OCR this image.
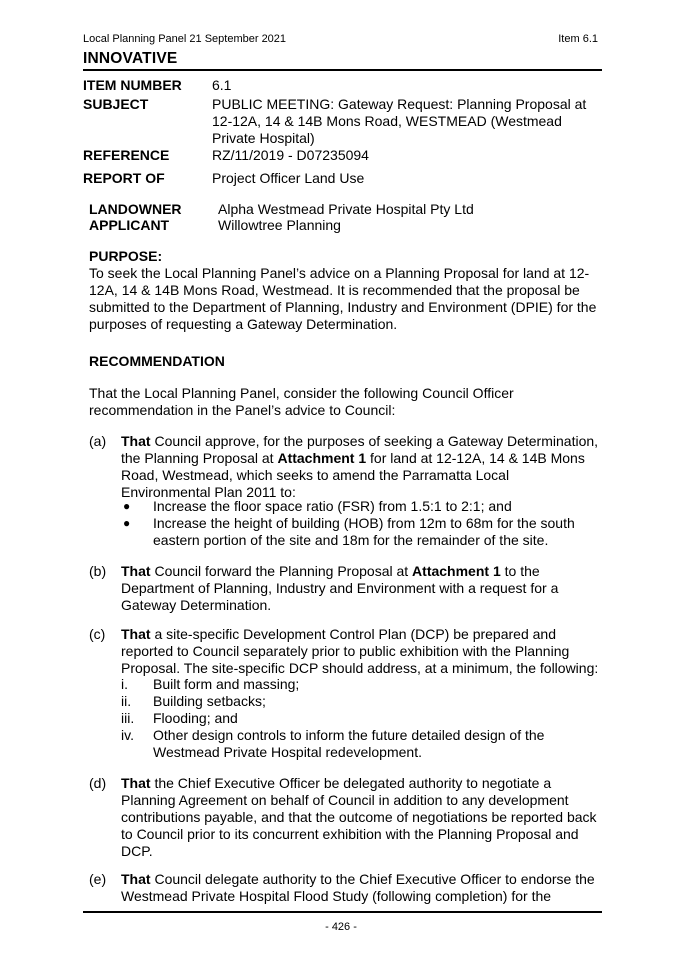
Local Planning Panel 21 September 2021	Item 6.1
INNOVATIVE
ITEM NUMBER 6.1
SUBJECT	PUBLIC MEETING: Gateway Request: Planning Proposal at
12-12A, 14 & 14B Mons Road, WESTMEAD (Westmead
Private Hospital)
REFERENCE	RZ/11/2019 - D07235094
REPORT OF	Project Officer Land Use
LANDOWNER	Alpha Westmead Private Hospital Pty Ltd
APPLICANT	Willowtree Planning
PURPOSE:
To seek the Local Planning Panel’s advice on a Planning Proposal for land at 12-
12A, 14 & 14B Mons Road, Westmead. It is recommended that the proposal be
submitted to the Department of Planning, Industry and Environment (DPIE) for the
purposes of requesting a Gateway Determination.
RECOMMENDATION
That the Local Planning Panel, consider the following Council Officer
recommendation in the Panel’s advice to Council:
(a) That Council approve, for the purposes of seeking a Gateway Determination,
the Planning Proposal at Attachment 1 for land at 12-12A, 14 & 14B Mons
Road, Westmead, which seeks to amend the Parramatta Local
Environmental Plan 2011 to:
● Increase the floor space ratio (FSR) from 1.5:1 to 2:1; and
● Increase the height of building (HOB) from 12m to 68m for the south
eastern portion of the site and 18m for the remainder of the site.
(b) That Council forward the Planning Proposal at Attachment 1 to the
Department of Planning, Industry and Environment with a request for a
Gateway Determination.
(c) That a site-specific Development Control Plan (DCP) be prepared and
reported to Council separately prior to public exhibition with the Planning
Proposal. The site-specific DCP should address, at a minimum, the following:
i. Built form and massing;
ii. Building setbacks;
iii. Flooding; and
iv. Other design controls to inform the future detailed design of the
Westmead Private Hospital redevelopment.
(d) That the Chief Executive Officer be delegated authority to negotiate a
Planning Agreement on behalf of Council in addition to any development
contributions payable, and that the outcome of negotiations be reported back
to Council prior to its concurrent exhibition with the Planning Proposal and
DCP.
(e) That Council delegate authority to the Chief Executive Officer to endorse the
Westmead Private Hospital Flood Study (following completion) for the
- 426 -
